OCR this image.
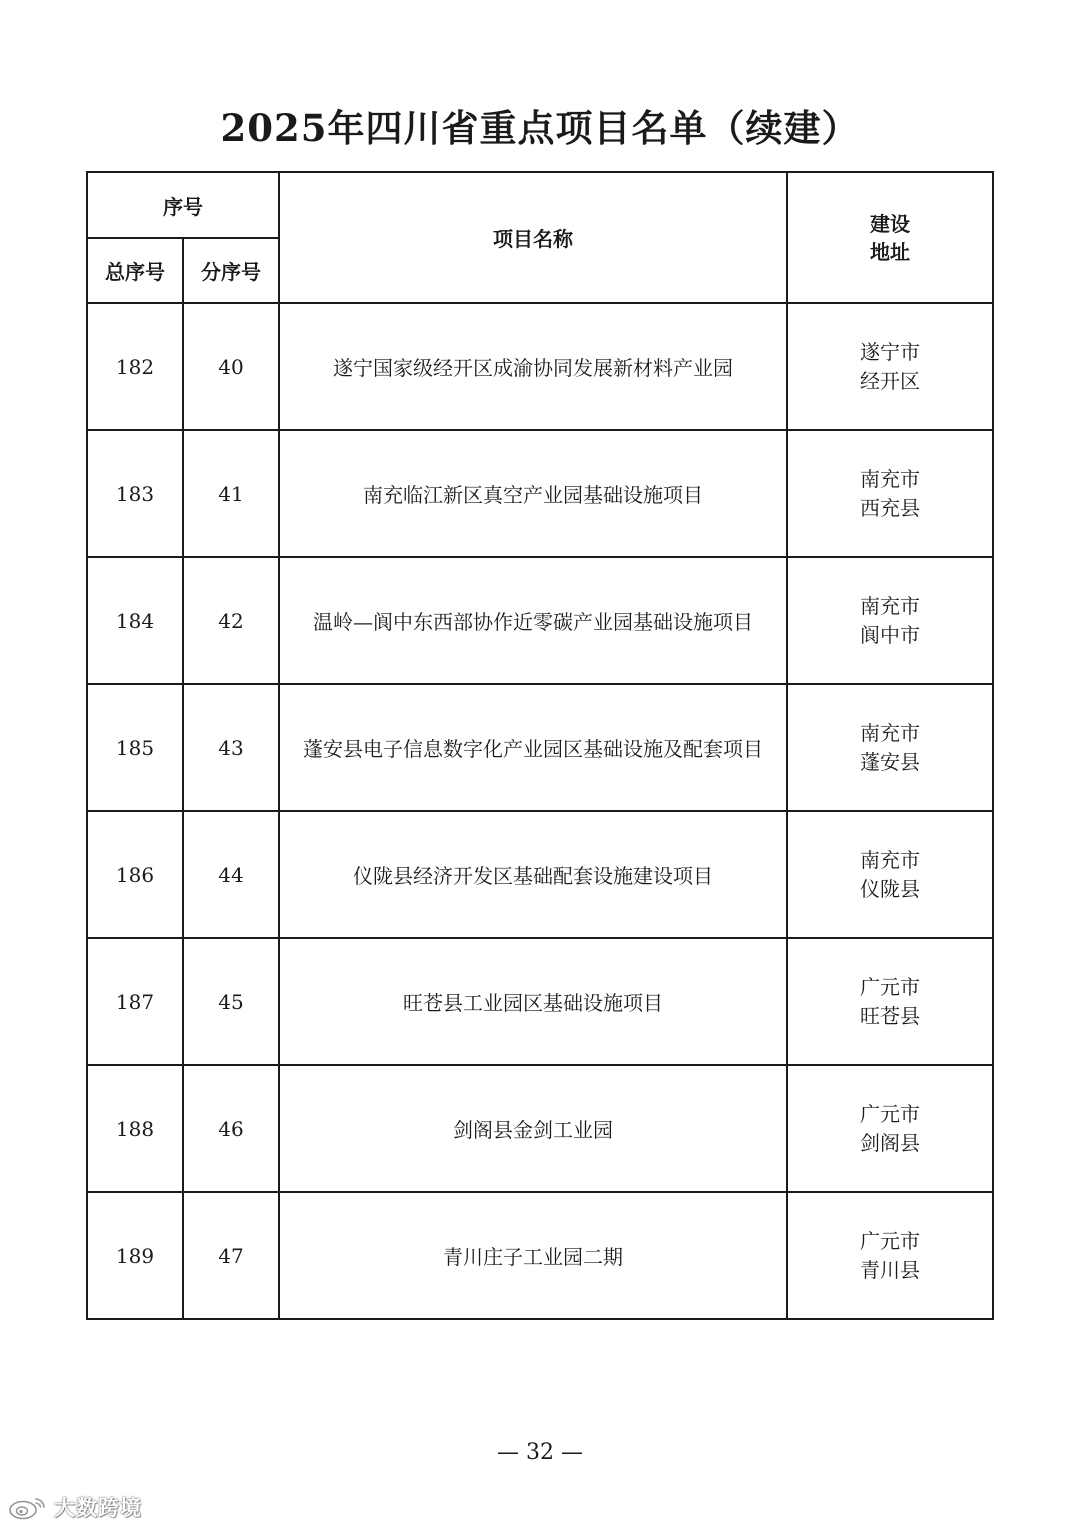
2025年四川省重点项目名单（续建）
序号		项目名称	建设
地址

总序号	分序号		
182	40	遂宁国家级经开区成渝协同发展新材料产业园	遂宁市
经开区

183	41	南充临江新区真空产业园基础设施项目	南充市
西充县

184	42	温岭—阆中东西部协作近零碳产业园基础设施项目	南充市
阆中市

185	43	蓬安县电子信息数字化产业园区基础设施及配套项目	南充市
蓬安县

186	44	仪陇县经济开发区基础配套设施建设项目	南充市
仪陇县

187	45	旺苍县工业园区基础设施项目	广元市
旺苍县

188	46	剑阁县金剑工业园	广元市
剑阁县

189	47	青川庄子工业园二期	广元市
青川县
— 32 —
大数跨境
